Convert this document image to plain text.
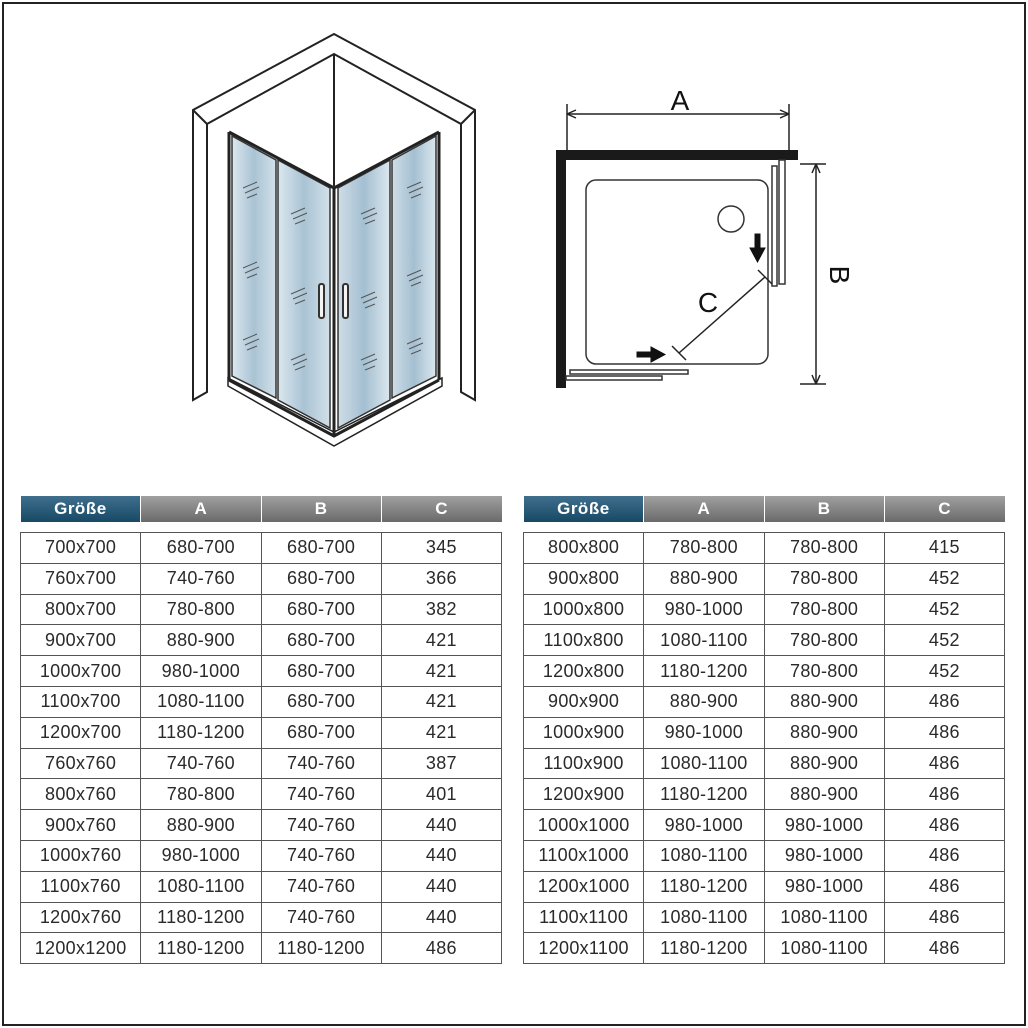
A
B
C
Größe	A	B	C

700x700	680-700	680-700	345
760x700	740-760	680-700	366
800x700	780-800	680-700	382
900x700	880-900	680-700	421
1000x700	980-1000	680-700	421
1100x700	1080-1100	680-700	421
1200x700	1180-1200	680-700	421
760x760	740-760	740-760	387
800x760	780-800	740-760	401
900x760	880-900	740-760	440
1000x760	980-1000	740-760	440
1100x760	1080-1100	740-760	440
1200x760	1180-1200	740-760	440
1200x1200	1180-1200	1180-1200	486
Größe	A	B	C

800x800	780-800	780-800	415
900x800	880-900	780-800	452
1000x800	980-1000	780-800	452
1100x800	1080-1100	780-800	452
1200x800	1180-1200	780-800	452
900x900	880-900	880-900	486
1000x900	980-1000	880-900	486
1100x900	1080-1100	880-900	486
1200x900	1180-1200	880-900	486
1000x1000	980-1000	980-1000	486
1100x1000	1080-1100	980-1000	486
1200x1000	1180-1200	980-1000	486
1100x1100	1080-1100	1080-1100	486
1200x1100	1180-1200	1080-1100	486
